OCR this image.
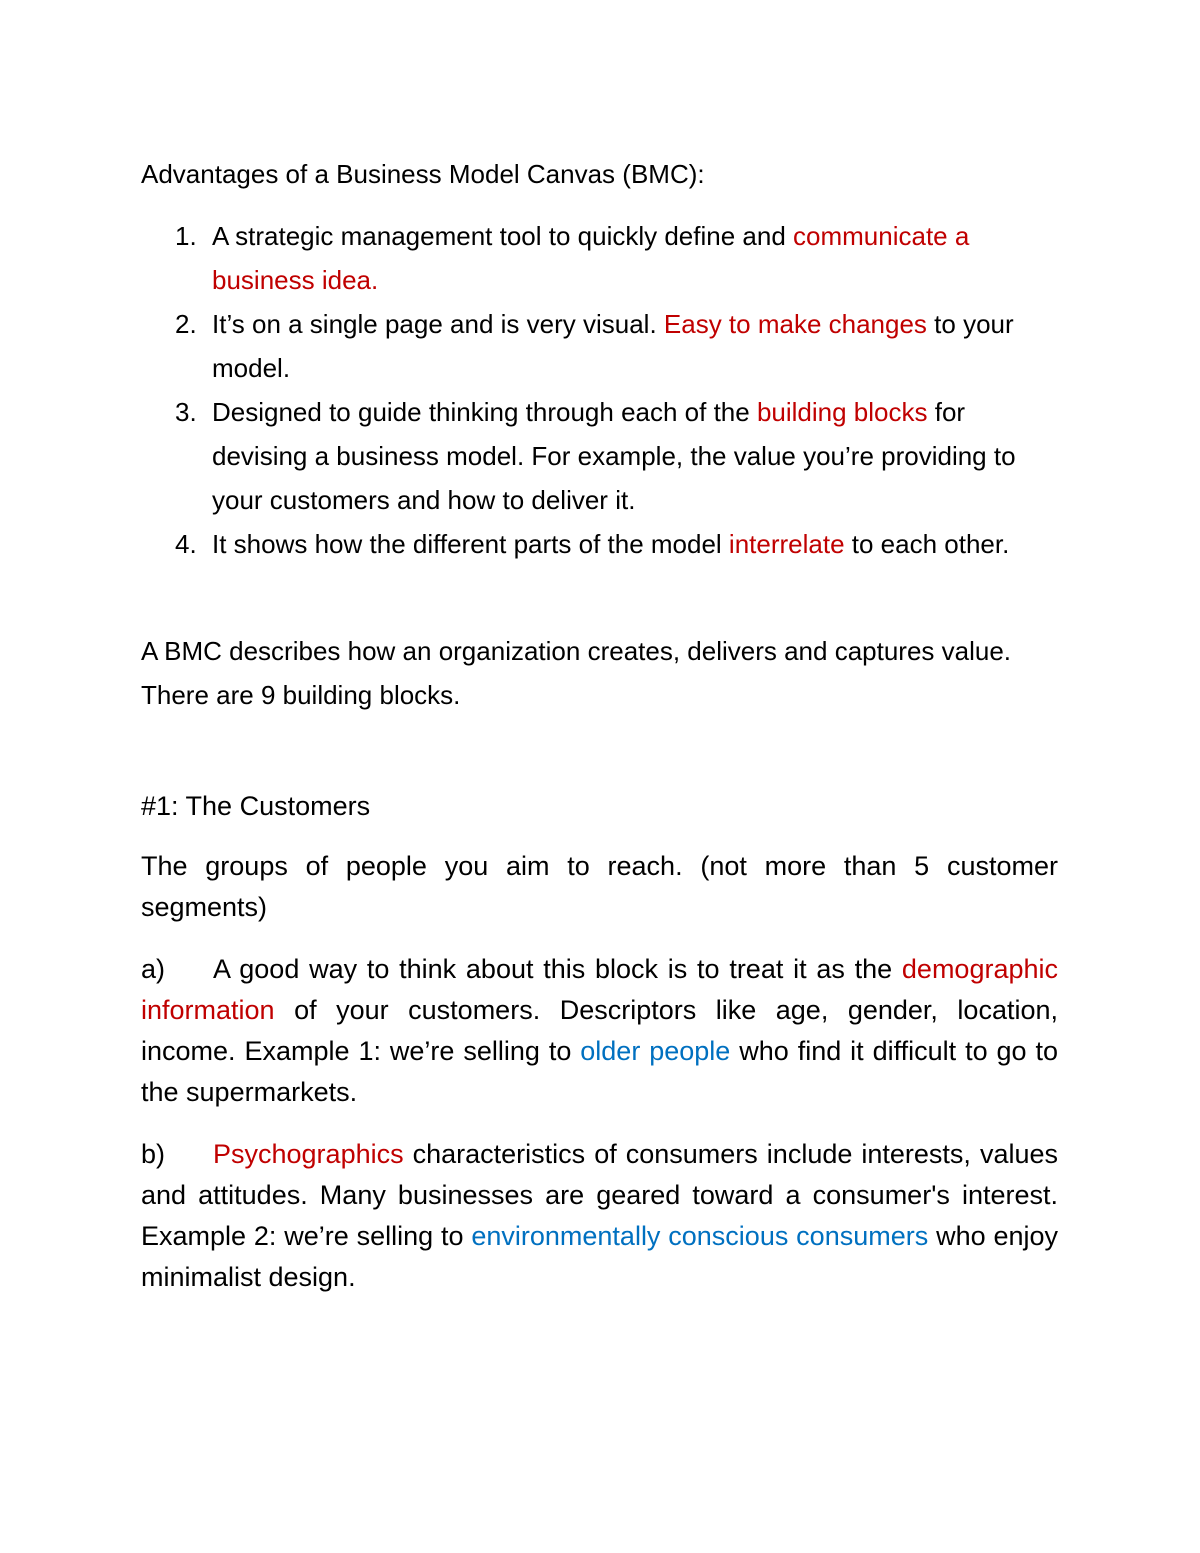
Advantages of a Business Model Canvas (BMC):

1. A strategic management tool to quickly define and communicate a business idea.
2. It’s on a single page and is very visual. Easy to make changes to your model.
3. Designed to guide thinking through each of the building blocks for devising a business model. For example, the value you’re providing to your customers and how to deliver it.
4. It shows how the different parts of the model interrelate to each other.

A BMC describes how an organization creates, delivers and captures value. There are 9 building blocks.

#1: The Customers

The groups of people you aim to reach. (not more than 5 customer segments)

a) A good way to think about this block is to treat it as the demographic information of your customers. Descriptors like age, gender, location, income. Example 1: we’re selling to older people who find it difficult to go to the supermarkets.

b) Psychographics characteristics of consumers include interests, values and attitudes. Many businesses are geared toward a consumer's interest. Example 2: we’re selling to environmentally conscious consumers who enjoy minimalist design.
